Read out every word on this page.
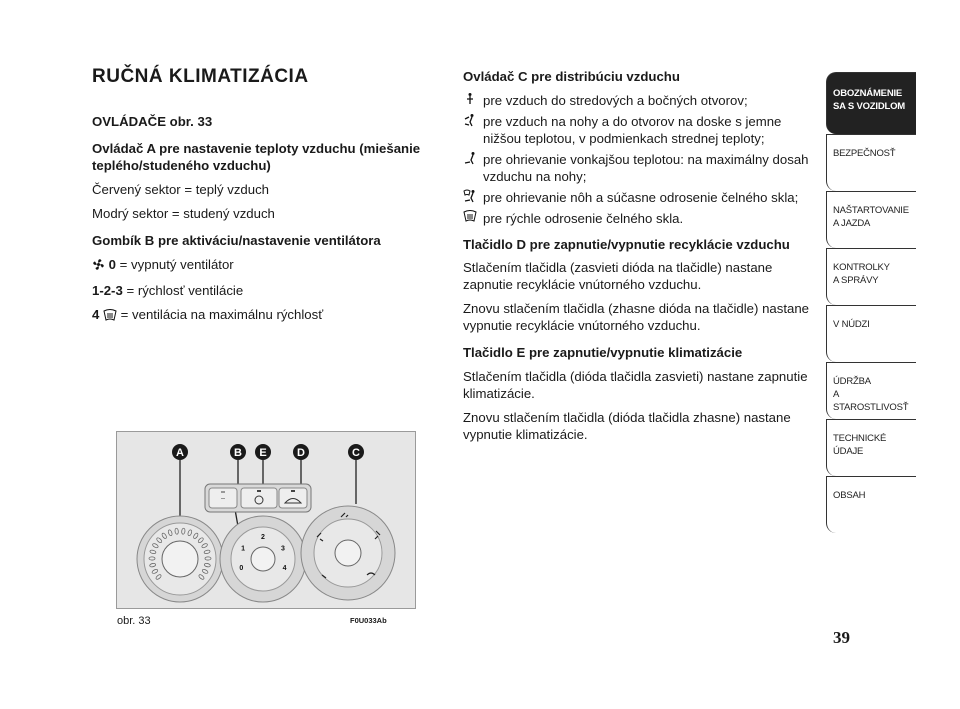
RUČNÁ KLIMATIZÁCIA

OVLÁDAČE obr. 33

Ovládač A pre nastavenie teploty vzduchu (miešanie teplého/studeného vzduchu)

Červený sektor = teplý vzduch

Modrý sektor = studený vzduch

Gombík B pre aktiváciu/nastavenie ventilátora

0 = vypnutý ventilátor

1-2-3 = rýchlosť ventilácie

4  = ventilácia na maximálnu rýchlosť

Ovládač C pre distribúciu vzduchu

pre vzduch do stredových a bočných otvorov;
pre vzduch na nohy a do otvorov na doske s jemne nižšou teplotou, v podmienkach strednej teploty;
pre ohrievanie vonkajšou teplotou: na maximálny dosah vzduchu na nohy;
pre ohrievanie nôh a súčasne odrosenie čelného skla;
pre rýchle odrosenie čelného skla.

Tlačidlo D pre zapnutie/vypnutie recyklácie vzduchu

Stlačením tlačidla (zasvieti dióda na tlačidle) nastane zapnutie recyklácie vnútorného vzduchu.

Znovu stlačením tlačidla (zhasne dióda na tlačidle) nastane vypnutie recyklácie vnútorného vzduchu.

Tlačidlo E pre zapnutie/vypnutie klimatizácie

Stlačením tlačidla (dióda tlačidla zasvieti) nastane zapnutie klimatizácie.

Znovu stlačením tlačidla (dióda tlačidla zhasne) nastane vypnutie klimatizácie.

A	B E	D	C
0
1
2
3
4
obr. 33	F0U033Ab
OBOZNÁMENIE
SA S VOZIDLOM
BEZPEČNOSŤ
NAŠTARTOVANIE
A JAZDA
KONTROLKY
A SPRÁVY
V NÚDZI
ÚDRŽBA
A STAROSTLIVOSŤ
TECHNICKÉ
ÚDAJE
OBSAH
39
